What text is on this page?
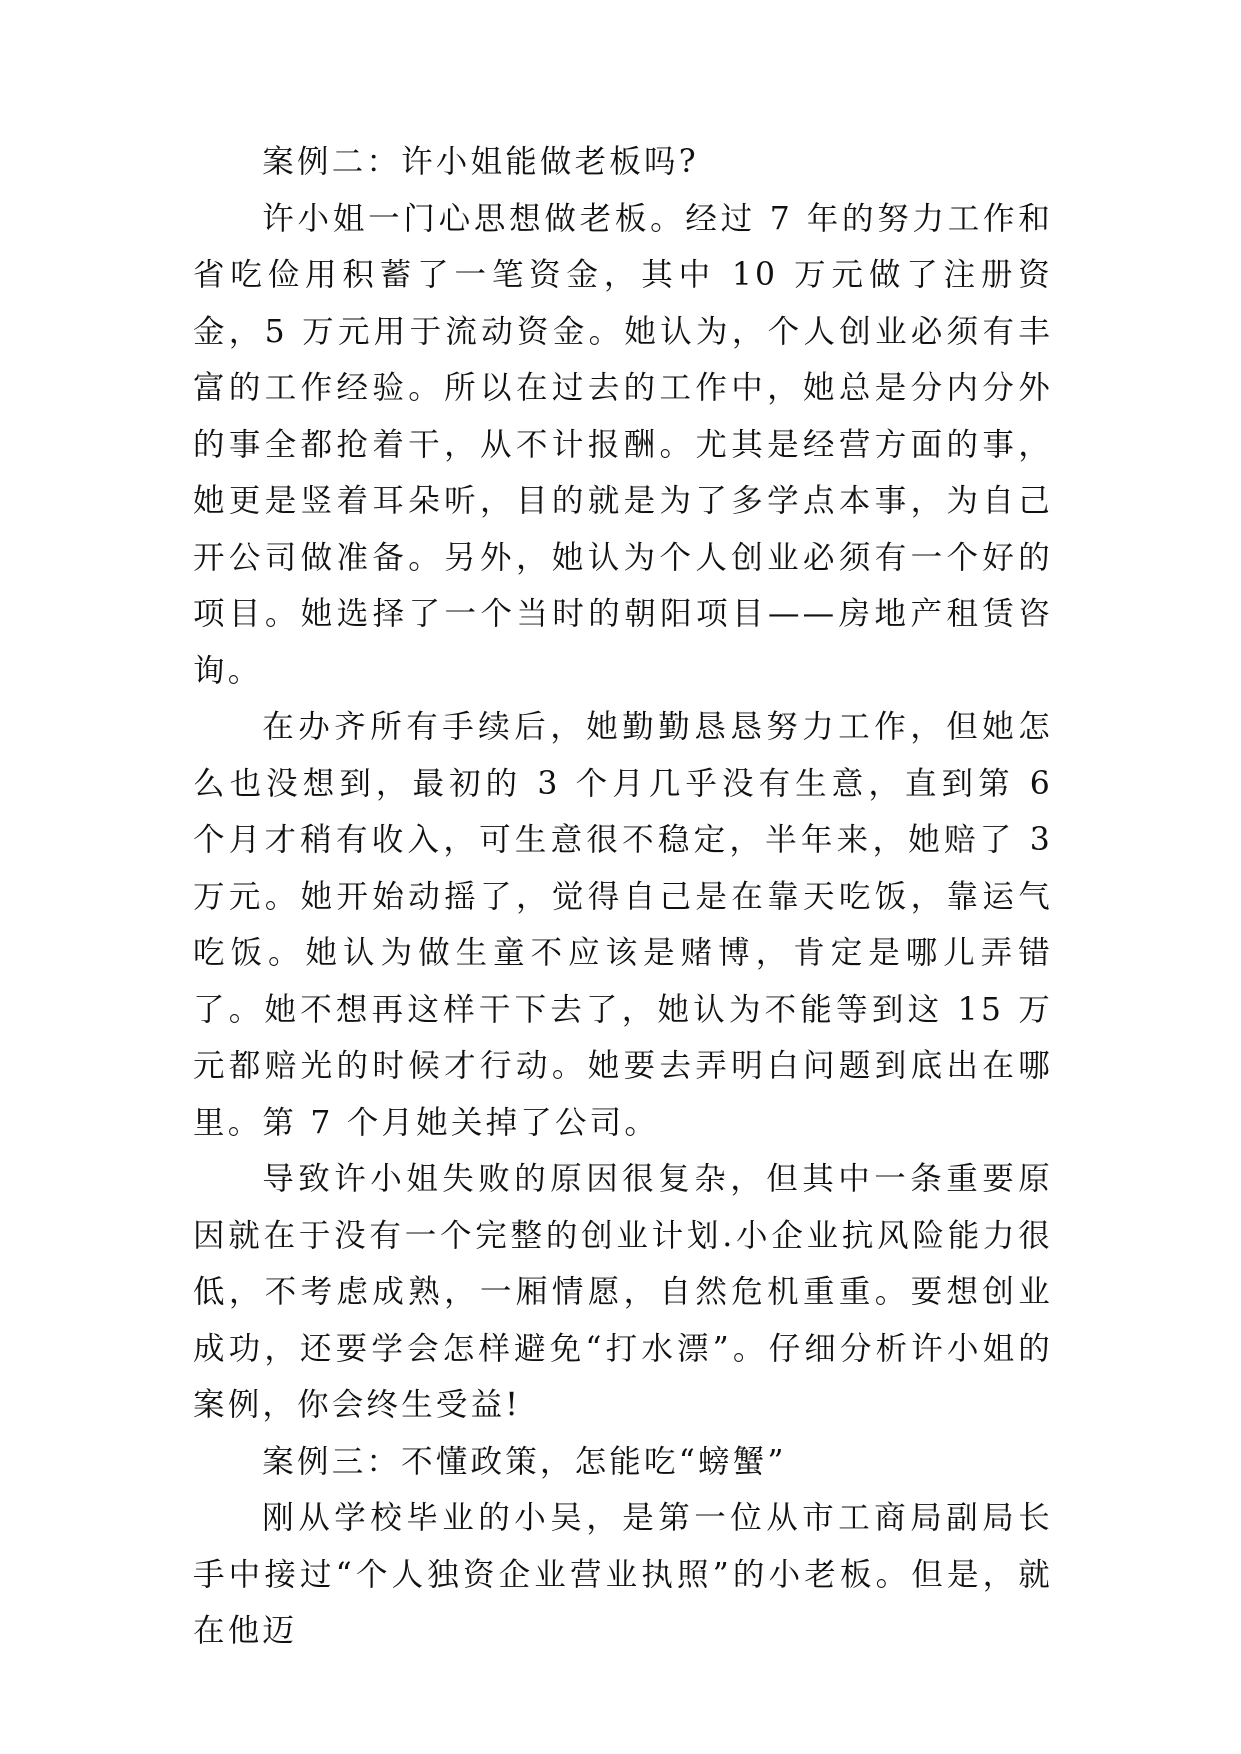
案例二：许小姐能做老板吗?

许小姐一门心思想做老板。经过 7 年的努力工作和省吃俭用积蓄了一笔资金，其中 10 万元做了注册资金，5 万元用于流动资金。她认为，个人创业必须有丰富的工作经验。所以在过去的工作中，她总是分内分外的事全都抢着干，从不计报酬。尤其是经营方面的事，她更是竖着耳朵听，目的就是为了多学点本事，为自己开公司做准备。另外，她认为个人创业必须有一个好的项目。她选择了一个当时的朝阳项目——房地产租赁咨询。

在办齐所有手续后，她勤勤恳恳努力工作，但她怎么也没想到，最初的 3 个月几乎没有生意，直到第 6 个月才稍有收入，可生意很不稳定，半年来，她赔了 3 万元。她开始动摇了，觉得自己是在靠天吃饭，靠运气吃饭。她认为做生童不应该是赌博，肯定是哪儿弄错了。她不想再这样干下去了，她认为不能等到这 15 万元都赔光的时候才行动。她要去弄明白问题到底出在哪里。第 7 个月她关掉了公司。

导致许小姐失败的原因很复杂，但其中一条重要原因就在于没有一个完整的创业计划.小企业抗风险能力很低，不考虑成熟，一厢情愿，自然危机重重。要想创业成功，还要学会怎样避免“打水漂”。仔细分析许小姐的案例，你会终生受益!

案例三：不懂政策，怎能吃“螃蟹”

刚从学校毕业的小吴，是第一位从市工商局副局长手中接过“个人独资企业营业执照”的小老板。但是，就在他迈
